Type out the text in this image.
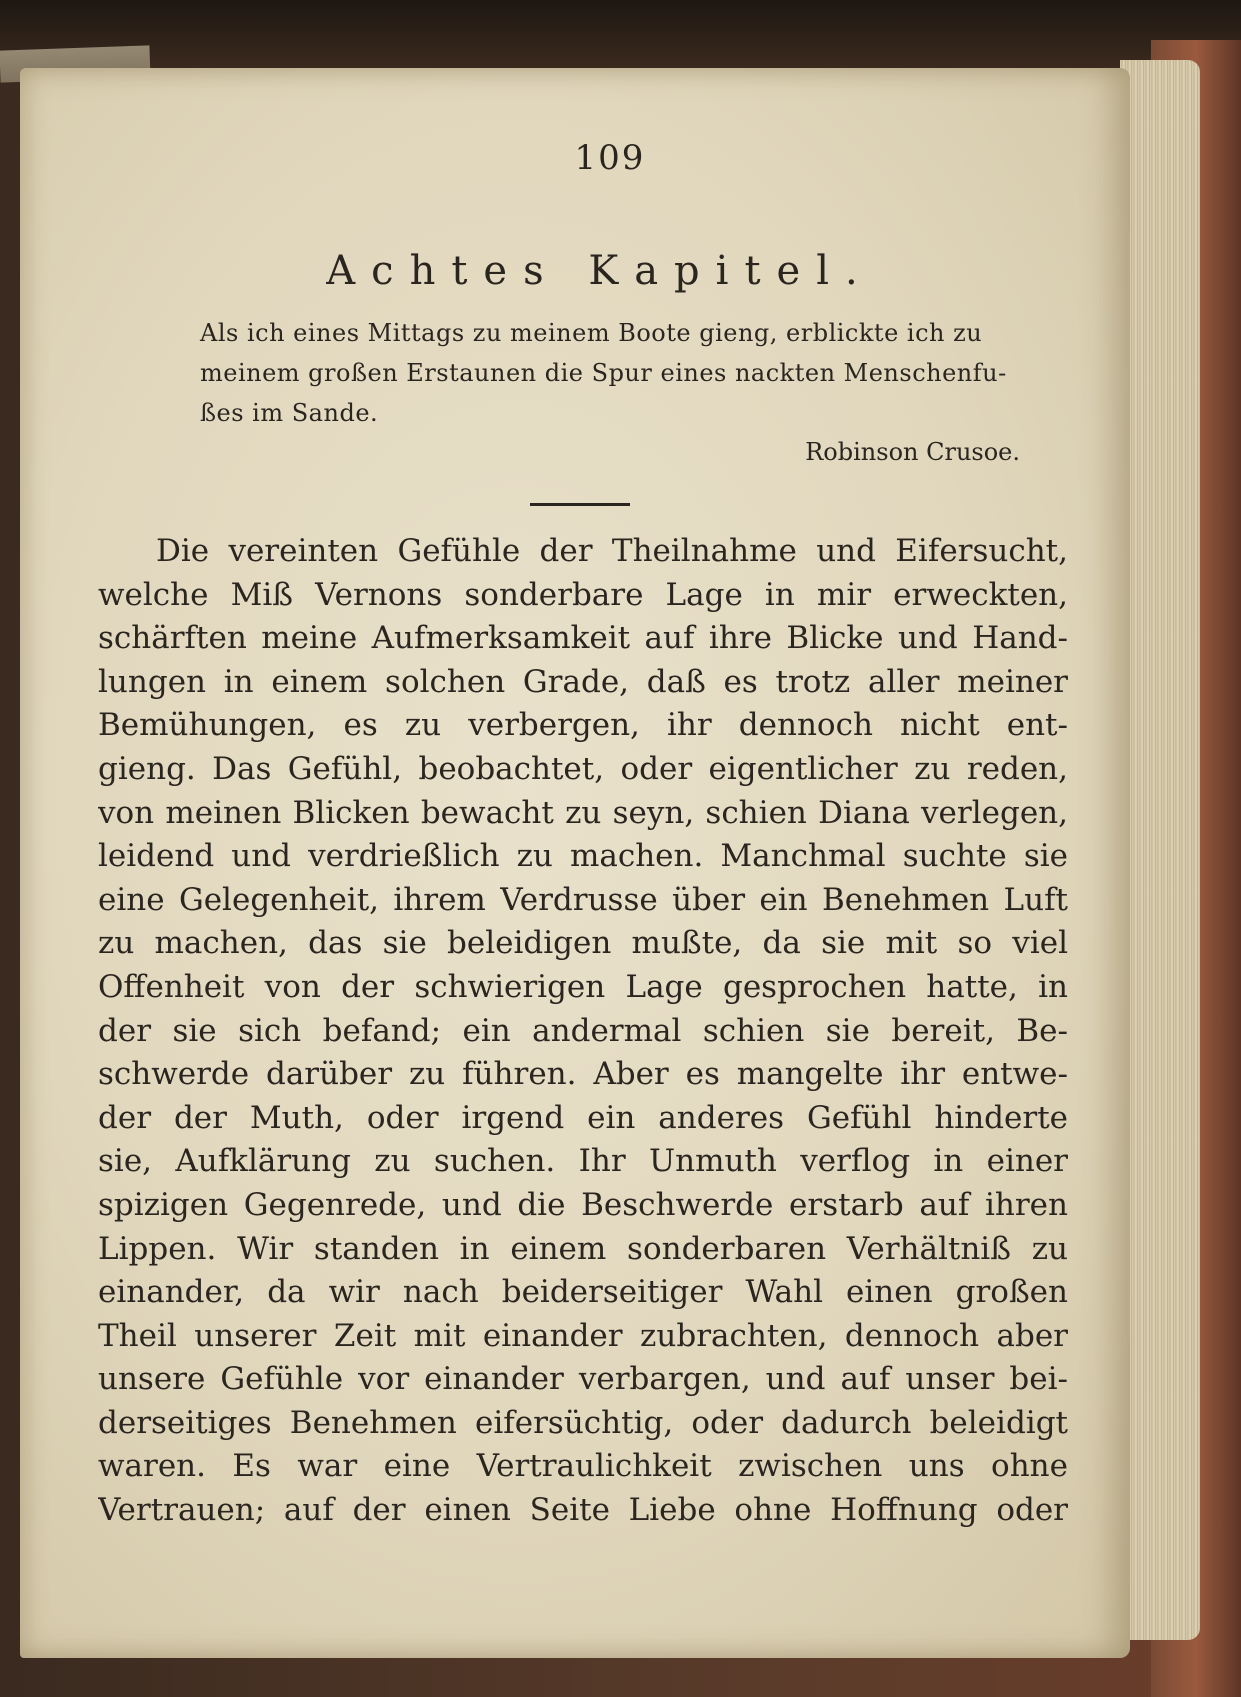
109
Achtes Kapitel.
Als ich eines Mittags zu meinem Boote gieng, erblickte ich zu
meinem großen Erstaunen die Spur eines nackten Menschenfu-
ßes im Sande.
Robinson Crusoe.
Die vereinten Gefühle der Theilnahme und Eifersucht,
welche Miß Vernons sonderbare Lage in mir erweckten,
schärften meine Aufmerksamkeit auf ihre Blicke und Hand-
lungen in einem solchen Grade, daß es trotz aller meiner
Bemühungen, es zu verbergen, ihr dennoch nicht ent-
gieng. Das Gefühl, beobachtet, oder eigentlicher zu reden,
von meinen Blicken bewacht zu seyn, schien Diana verlegen,
leidend und verdrießlich zu machen. Manchmal suchte sie
eine Gelegenheit, ihrem Verdrusse über ein Benehmen Luft
zu machen, das sie beleidigen mußte, da sie mit so viel
Offenheit von der schwierigen Lage gesprochen hatte, in
der sie sich befand; ein andermal schien sie bereit, Be-
schwerde darüber zu führen. Aber es mangelte ihr entwe-
der der Muth, oder irgend ein anderes Gefühl hinderte
sie, Aufklärung zu suchen. Ihr Unmuth verflog in einer
spizigen Gegenrede, und die Beschwerde erstarb auf ihren
Lippen. Wir standen in einem sonderbaren Verhältniß zu
einander, da wir nach beiderseitiger Wahl einen großen
Theil unserer Zeit mit einander zubrachten, dennoch aber
unsere Gefühle vor einander verbargen, und auf unser bei-
derseitiges Benehmen eifersüchtig, oder dadurch beleidigt
waren. Es war eine Vertraulichkeit zwischen uns ohne
Vertrauen; auf der einen Seite Liebe ohne Hoffnung oder
